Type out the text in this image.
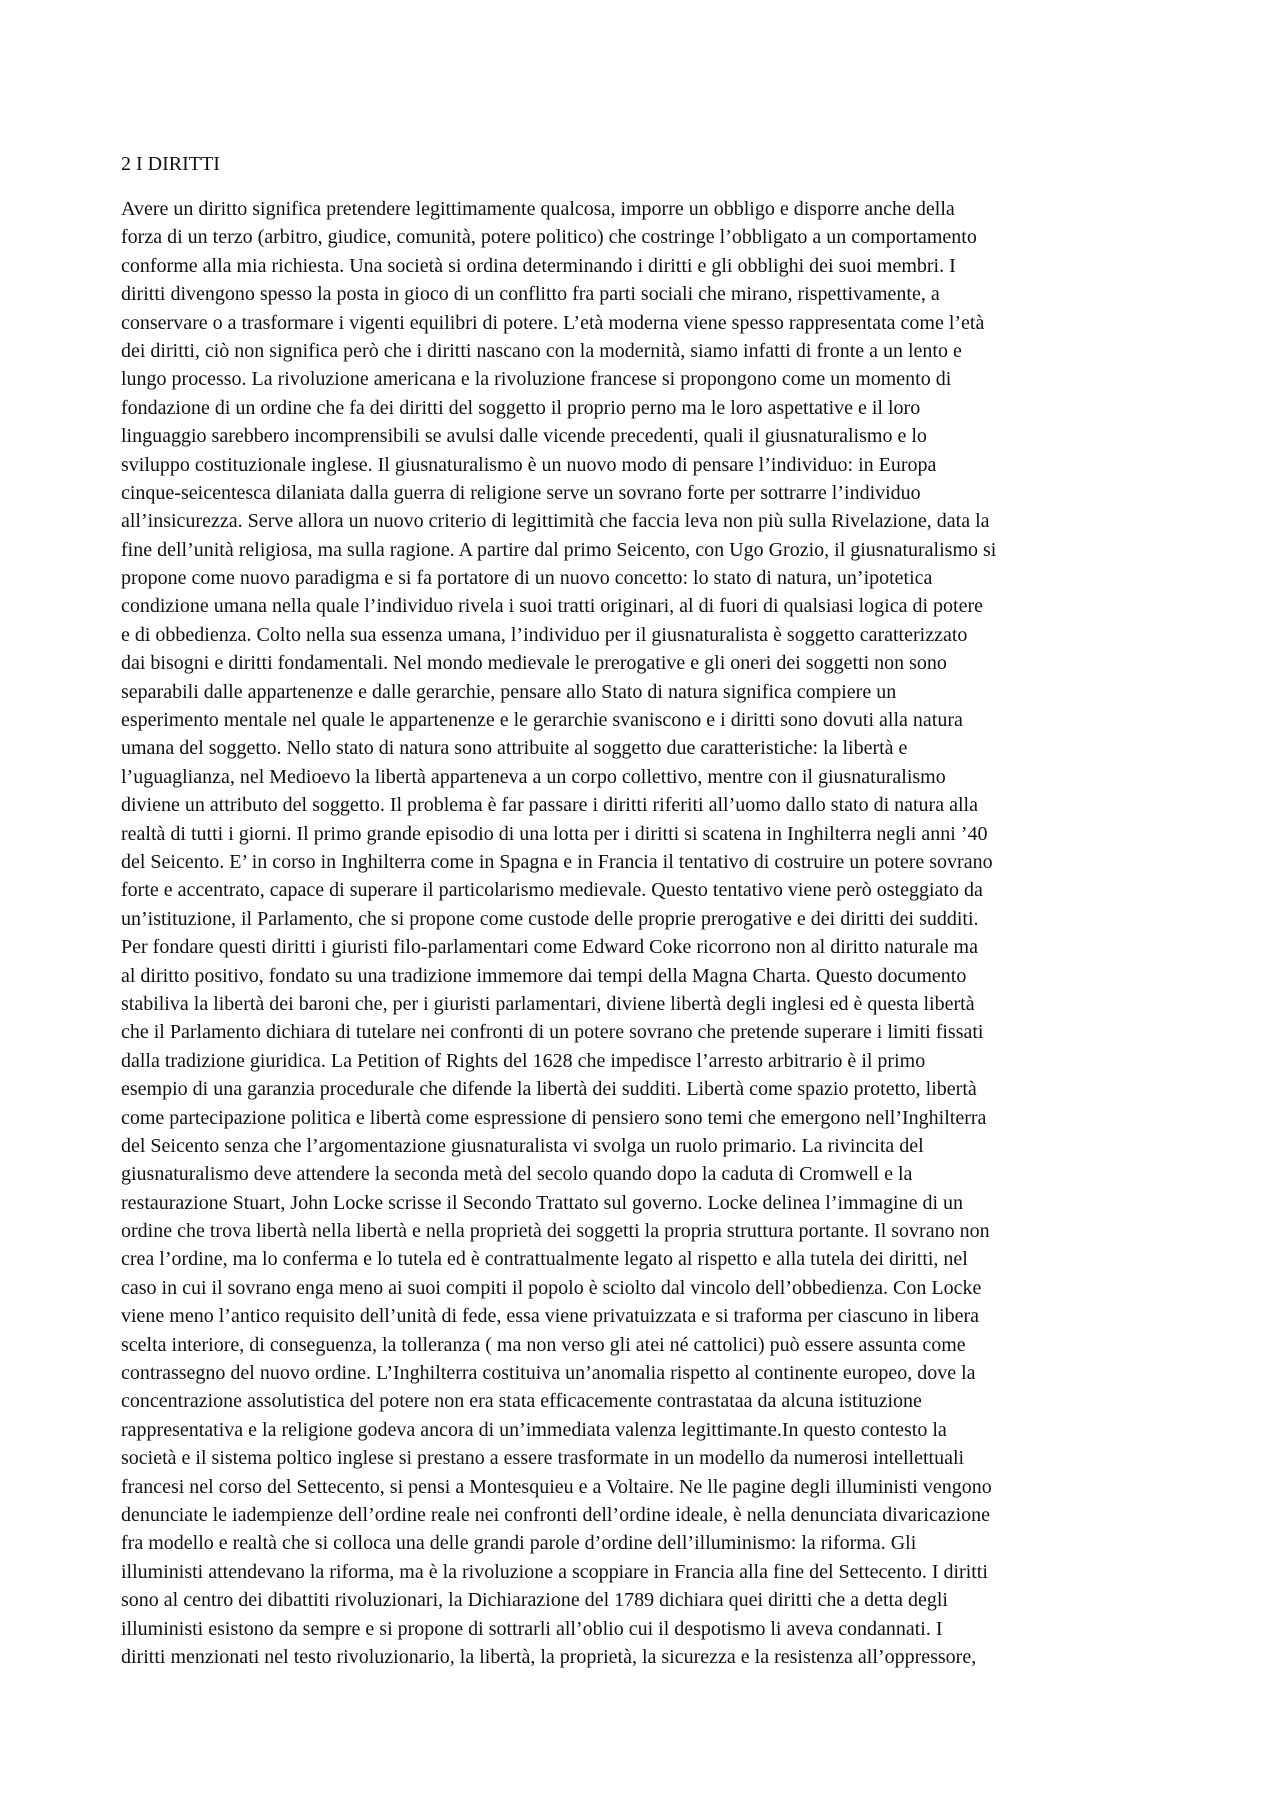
2 I DIRITTI
Avere un diritto significa pretendere legittimamente qualcosa, imporre un obbligo e disporre anche della
forza di un terzo (arbitro, giudice, comunità, potere politico) che costringe l’obbligato a un comportamento
conforme alla mia richiesta. Una società si ordina determinando i diritti e gli obblighi dei suoi membri. I
diritti divengono spesso la posta in gioco di un conflitto fra parti sociali che mirano, rispettivamente, a
conservare o a trasformare i vigenti equilibri di potere. L’età moderna viene spesso rappresentata come l’età
dei diritti, ciò non significa però che i diritti nascano con la modernità, siamo infatti di fronte a un lento e
lungo processo. La rivoluzione americana e la rivoluzione francese si propongono come un momento di
fondazione di un ordine che fa dei diritti del soggetto il proprio perno ma le loro aspettative e il loro
linguaggio sarebbero incomprensibili se avulsi dalle vicende precedenti, quali il giusnaturalismo e lo
sviluppo costituzionale inglese. Il giusnaturalismo è un nuovo modo di pensare l’individuo: in Europa
cinque-seicentesca dilaniata dalla guerra di religione serve un sovrano forte per sottrarre l’individuo
all’insicurezza. Serve allora un nuovo criterio di legittimità che faccia leva non più sulla Rivelazione, data la
fine dell’unità religiosa, ma sulla ragione. A partire dal primo Seicento, con Ugo Grozio, il giusnaturalismo si
propone come nuovo paradigma e si fa portatore di un nuovo concetto: lo stato di natura, un’ipotetica
condizione umana nella quale l’individuo rivela i suoi tratti originari, al di fuori di qualsiasi logica di potere
e di obbedienza. Colto nella sua essenza umana, l’individuo per il giusnaturalista è soggetto caratterizzato
dai bisogni e diritti fondamentali. Nel mondo medievale le prerogative e gli oneri dei soggetti non sono
separabili dalle appartenenze e dalle gerarchie, pensare allo Stato di natura significa compiere un
esperimento mentale nel quale le appartenenze e le gerarchie svaniscono e i diritti sono dovuti alla natura
umana del soggetto. Nello stato di natura sono attribuite al soggetto due caratteristiche: la libertà e
l’uguaglianza, nel Medioevo la libertà apparteneva a un corpo collettivo, mentre con il giusnaturalismo
diviene un attributo del soggetto. Il problema è far passare i diritti riferiti all’uomo dallo stato di natura alla
realtà di tutti i giorni. Il primo grande episodio di una lotta per i diritti si scatena in Inghilterra negli anni ’40
del Seicento. E’ in corso in Inghilterra come in Spagna e in Francia il tentativo di costruire un potere sovrano
forte e accentrato, capace di superare il particolarismo medievale. Questo tentativo viene però osteggiato da
un’istituzione, il Parlamento, che si propone come custode delle proprie prerogative e dei diritti dei sudditi.
Per fondare questi diritti i giuristi filo-parlamentari come Edward Coke ricorrono non al diritto naturale ma
al diritto positivo, fondato su una tradizione immemore dai tempi della Magna Charta. Questo documento
stabiliva la libertà dei baroni che, per i giuristi parlamentari, diviene libertà degli inglesi ed è questa libertà
che il Parlamento dichiara di tutelare nei confronti di un potere sovrano che pretende superare i limiti fissati
dalla tradizione giuridica. La Petition of Rights del 1628 che impedisce l’arresto arbitrario è il primo
esempio di una garanzia procedurale che difende la libertà dei sudditi. Libertà come spazio protetto, libertà
come partecipazione politica e libertà come espressione di pensiero sono temi che emergono nell’Inghilterra
del Seicento senza che l’argomentazione giusnaturalista vi svolga un ruolo primario. La rivincita del
giusnaturalismo deve attendere la seconda metà del secolo quando dopo la caduta di Cromwell e la
restaurazione Stuart, John Locke scrisse il Secondo Trattato sul governo. Locke delinea l’immagine di un
ordine che trova libertà nella libertà e nella proprietà dei soggetti la propria struttura portante. Il sovrano non
crea l’ordine, ma lo conferma e lo tutela ed è contrattualmente legato al rispetto e alla tutela dei diritti, nel
caso in cui il sovrano enga meno ai suoi compiti il popolo è sciolto dal vincolo dell’obbedienza. Con Locke
viene meno l’antico requisito dell’unità di fede, essa viene privatuizzata e si traforma per ciascuno in libera
scelta interiore, di conseguenza, la tolleranza ( ma non verso gli atei né cattolici) può essere assunta come
contrassegno del nuovo ordine. L’Inghilterra costituiva un’anomalia rispetto al continente europeo, dove la
concentrazione assolutistica del potere non era stata efficacemente contrastataa da alcuna istituzione
rappresentativa e la religione godeva ancora di un’immediata valenza legittimante.In questo contesto la
società e il sistema poltico inglese si prestano a essere trasformate in un modello da numerosi intellettuali
francesi nel corso del Settecento, si pensi a Montesquieu e a Voltaire. Ne lle pagine degli illuministi vengono
denunciate le iadempienze dell’ordine reale nei confronti dell’ordine ideale, è nella denunciata divaricazione
fra modello e realtà che si colloca una delle grandi parole d’ordine dell’illuminismo: la riforma. Gli
illuministi attendevano la riforma, ma è la rivoluzione a scoppiare in Francia alla fine del Settecento. I diritti
sono al centro dei dibattiti rivoluzionari, la Dichiarazione del 1789 dichiara quei diritti che a detta degli
illuministi esistono da sempre e si propone di sottrarli all’oblio cui il despotismo li aveva condannati. I
diritti menzionati nel testo rivoluzionario, la libertà, la proprietà, la sicurezza e la resistenza all’oppressore,
